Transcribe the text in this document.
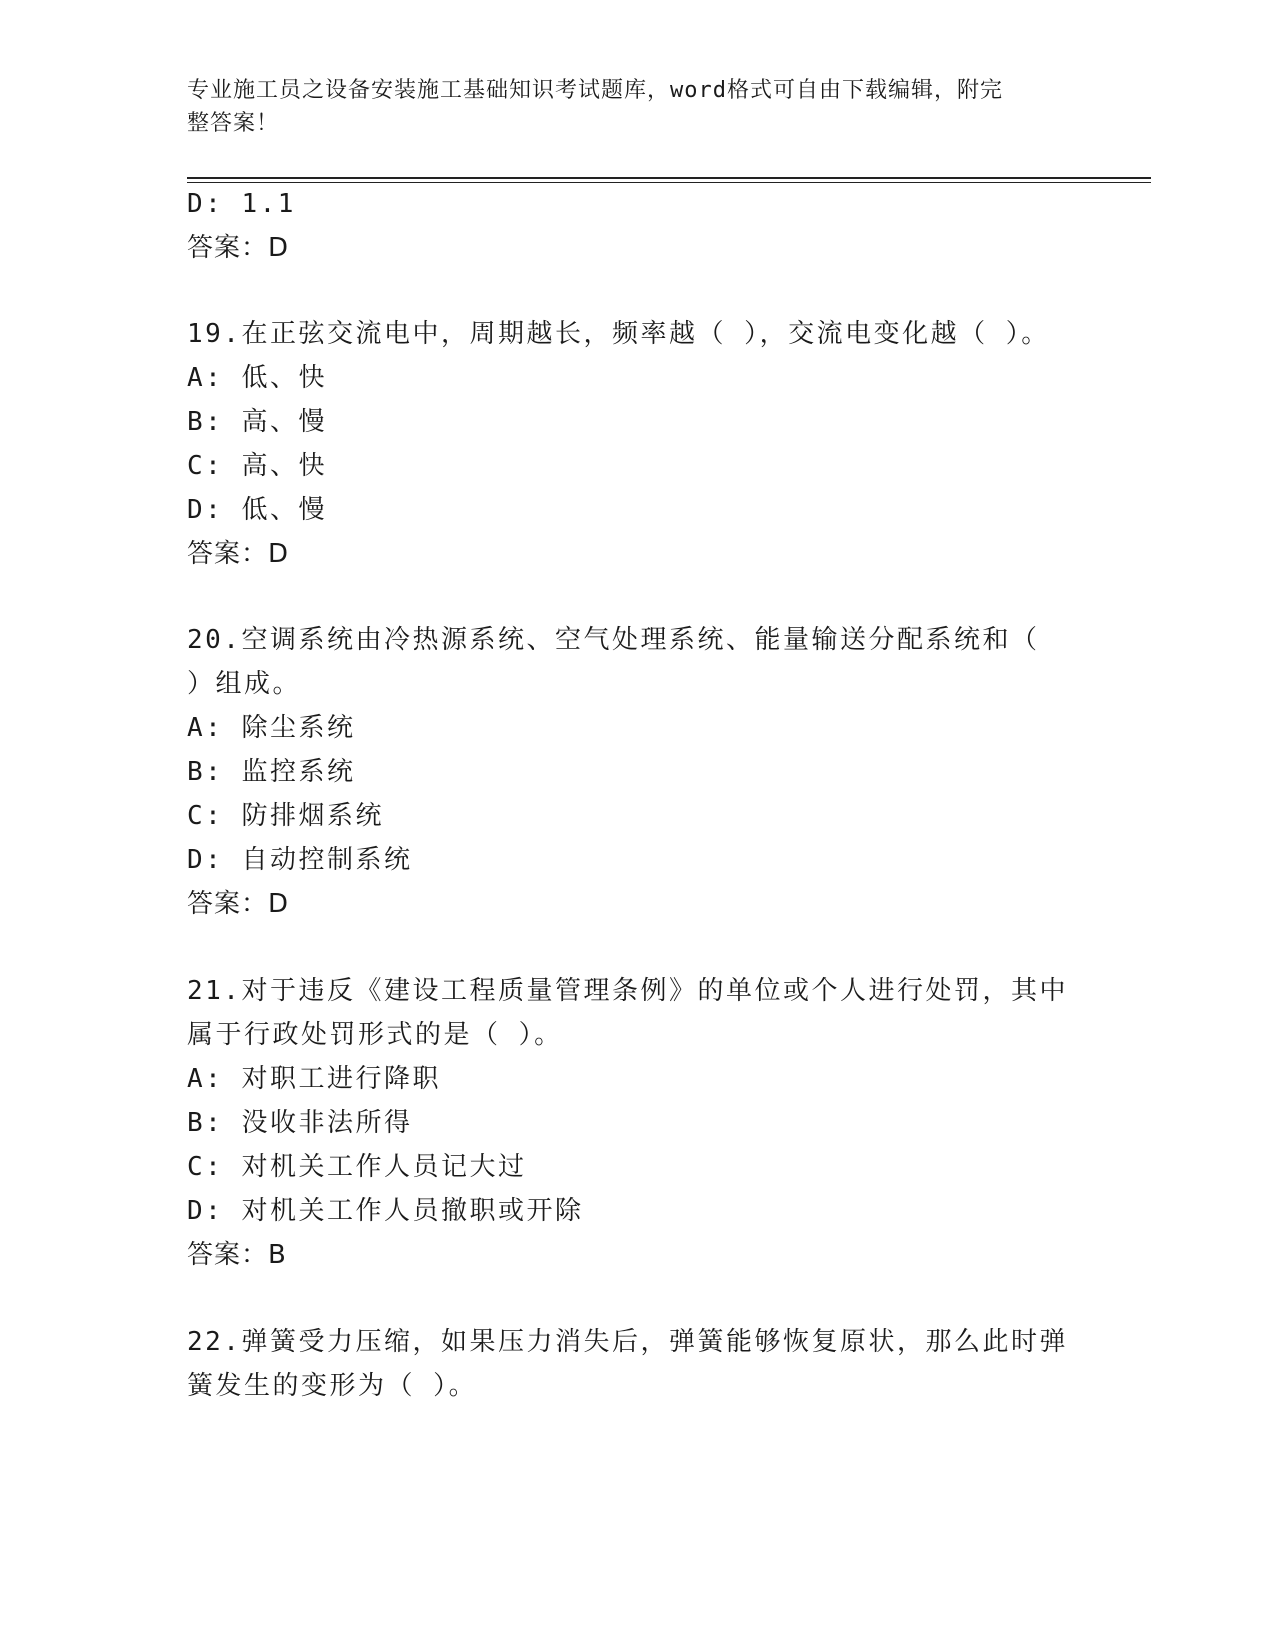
专业施工员之设备安装施工基础知识考试题库，word格式可自由下载编辑，附完
整答案！
D: 1.1
答案：D
19.在正弦交流电中，周期越长，频率越（ ），交流电变化越（ ）。
A: 低、快
B: 高、慢
C: 高、快
D: 低、慢
答案：D
20.空调系统由冷热源系统、空气处理系统、能量输送分配系统和（
）组成。
A: 除尘系统
B: 监控系统
C: 防排烟系统
D: 自动控制系统
答案：D
21.对于违反《建设工程质量管理条例》的单位或个人进行处罚，其中
属于行政处罚形式的是（ ）。
A: 对职工进行降职
B: 没收非法所得
C: 对机关工作人员记大过
D: 对机关工作人员撤职或开除
答案：B
22.弹簧受力压缩，如果压力消失后，弹簧能够恢复原状，那么此时弹
簧发生的变形为（ ）。
